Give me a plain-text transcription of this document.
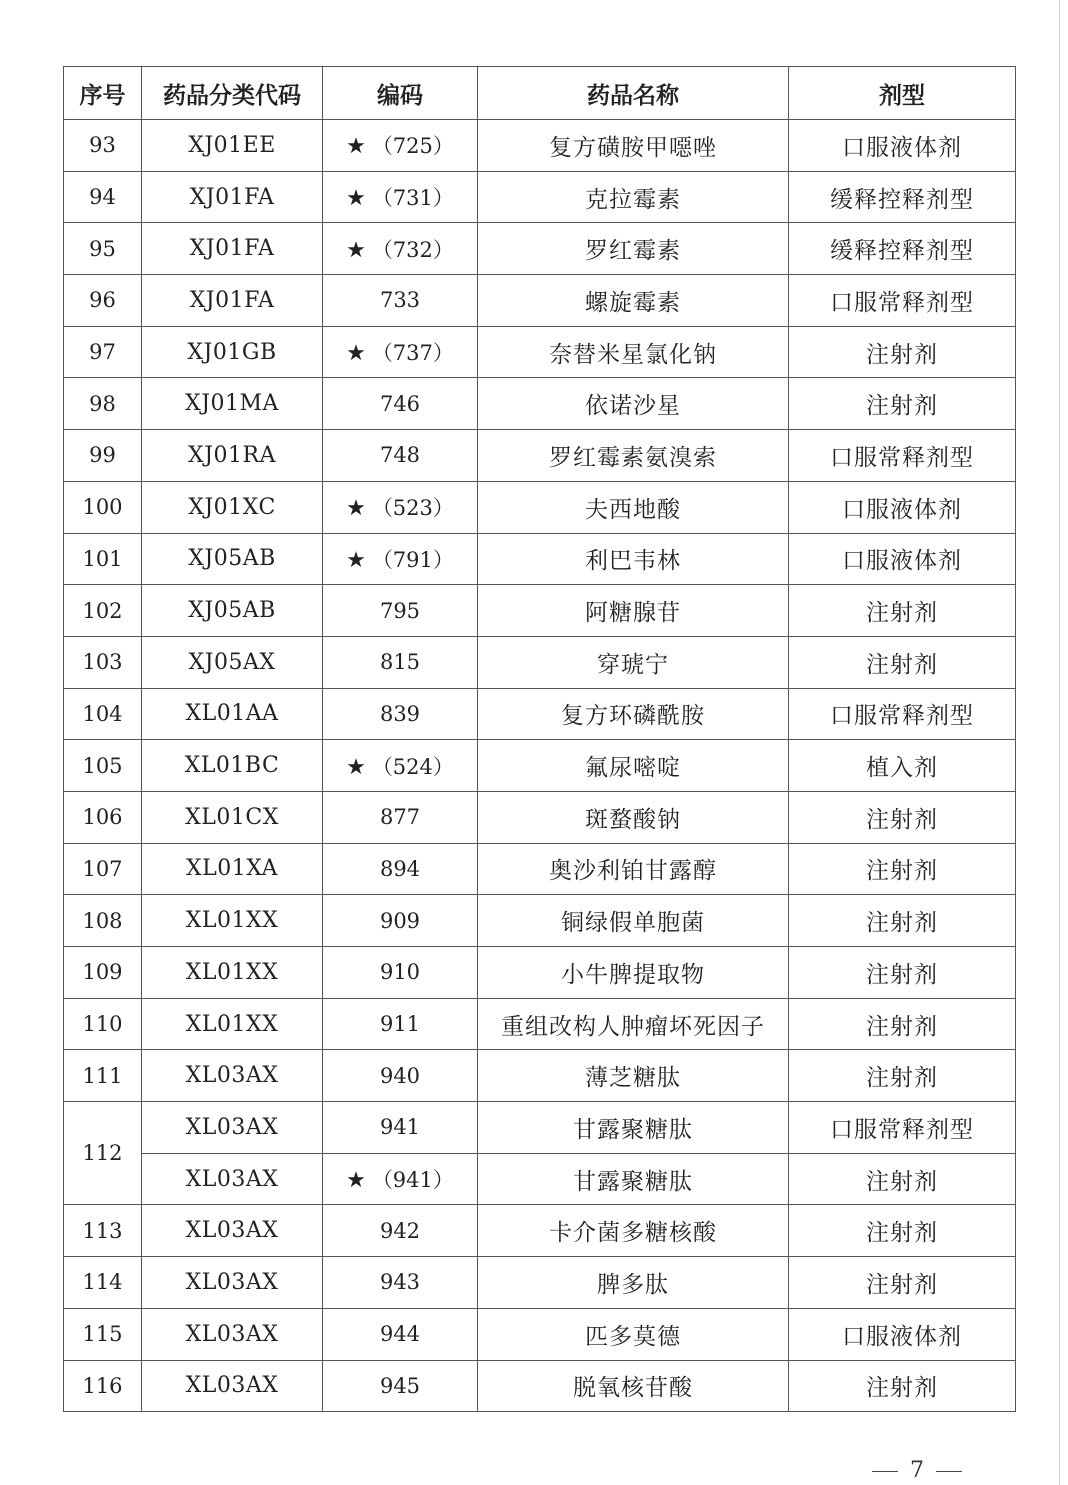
序号	药品分类代码	编码	药品名称	剂型
93	XJ01EE	★ （725）	复方磺胺甲噁唑	口服液体剂
94	XJ01FA	★ （731）	克拉霉素	缓释控释剂型
95	XJ01FA	★ （732）	罗红霉素	缓释控释剂型
96	XJ01FA	733	螺旋霉素	口服常释剂型
97	XJ01GB	★ （737）	奈替米星氯化钠	注射剂
98	XJ01MA	746	依诺沙星	注射剂
99	XJ01RA	748	罗红霉素氨溴索	口服常释剂型
100	XJ01XC	★ （523）	夫西地酸	口服液体剂
101	XJ05AB	★ （791）	利巴韦林	口服液体剂
102	XJ05AB	795	阿糖腺苷	注射剂
103	XJ05AX	815	穿琥宁	注射剂
104	XL01AA	839	复方环磷酰胺	口服常释剂型
105	XL01BC	★ （524）	氟尿嘧啶	植入剂
106	XL01CX	877	斑蝥酸钠	注射剂
107	XL01XA	894	奥沙利铂甘露醇	注射剂
108	XL01XX	909	铜绿假单胞菌	注射剂
109	XL01XX	910	小牛脾提取物	注射剂
110	XL01XX	911	重组改构人肿瘤坏死因子	注射剂
111	XL03AX	940	薄芝糖肽	注射剂
112	XL03AX	941	甘露聚糖肽	口服常释剂型
	XL03AX	★ （941）	甘露聚糖肽	注射剂
113	XL03AX	942	卡介菌多糖核酸	注射剂
114	XL03AX	943	脾多肽	注射剂
115	XL03AX	944	匹多莫德	口服液体剂
116	XL03AX	945	脱氧核苷酸	注射剂
7
